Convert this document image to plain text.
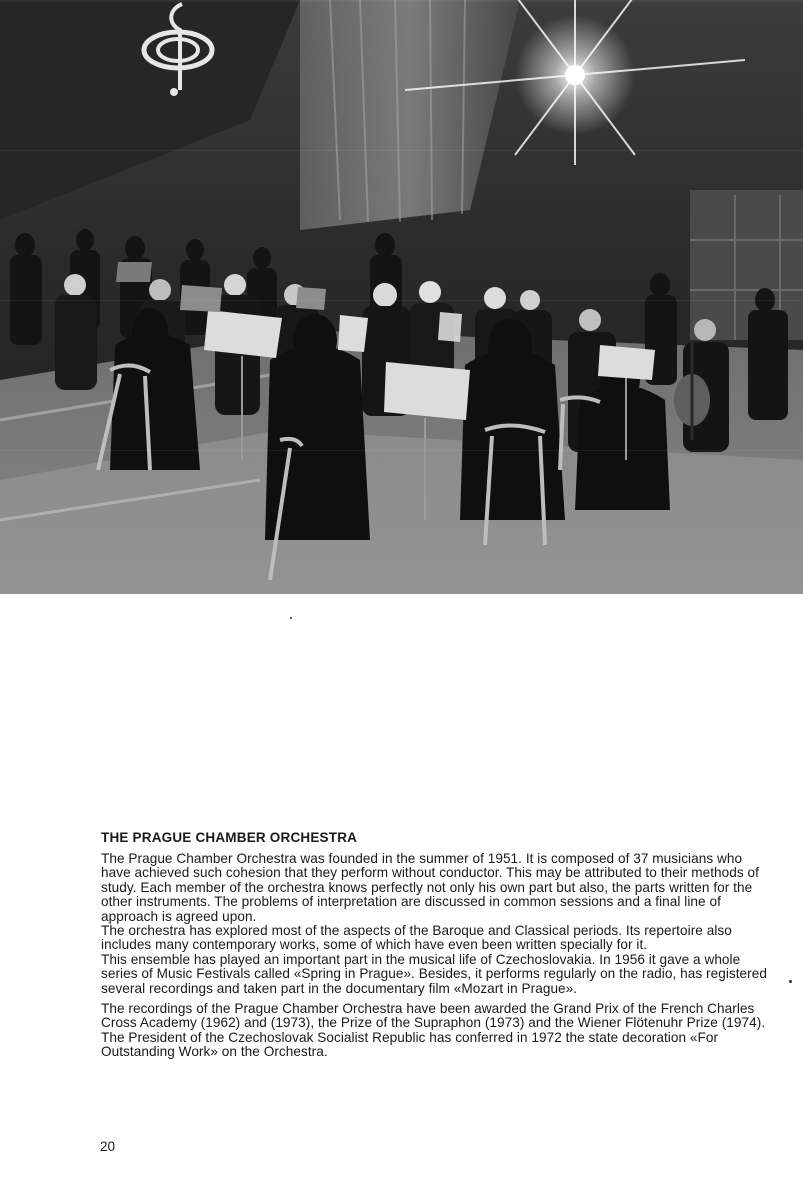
THE PRAGUE CHAMBER ORCHESTRA

The Prague Chamber Orchestra was founded in the summer of 1951. It is composed of 37 musicians who have achieved such cohesion that they perform without conductor. This may be attributed to their methods of study. Each member of the orchestra knows perfectly not only his own part but also, the parts written for the other instruments. The problems of interpretation are discussed in common sessions and a final line of approach is agreed upon.

The orchestra has explored most of the aspects of the Baroque and Classical periods. Its repertoire also includes many contemporary works, some of which have even been written specially for it.

This ensemble has played an important part in the musical life of Czechoslovakia. In 1956 it gave a whole series of Music Festivals called «Spring in Prague». Besides, it performs regularly on the radio, has registered several recordings and taken part in the documentary film «Mozart in Prague».

The recordings of the Prague Chamber Orchestra have been awarded the Grand Prix of the French Charles Cross Academy (1962) and (1973), the Prize of the Supraphon (1973) and the Wiener Flötenuhr Prize (1974). The President of the Czechoslovak Socialist Republic has conferred in 1972 the state decoration «For Outstanding Work» on the Orchestra.

20
